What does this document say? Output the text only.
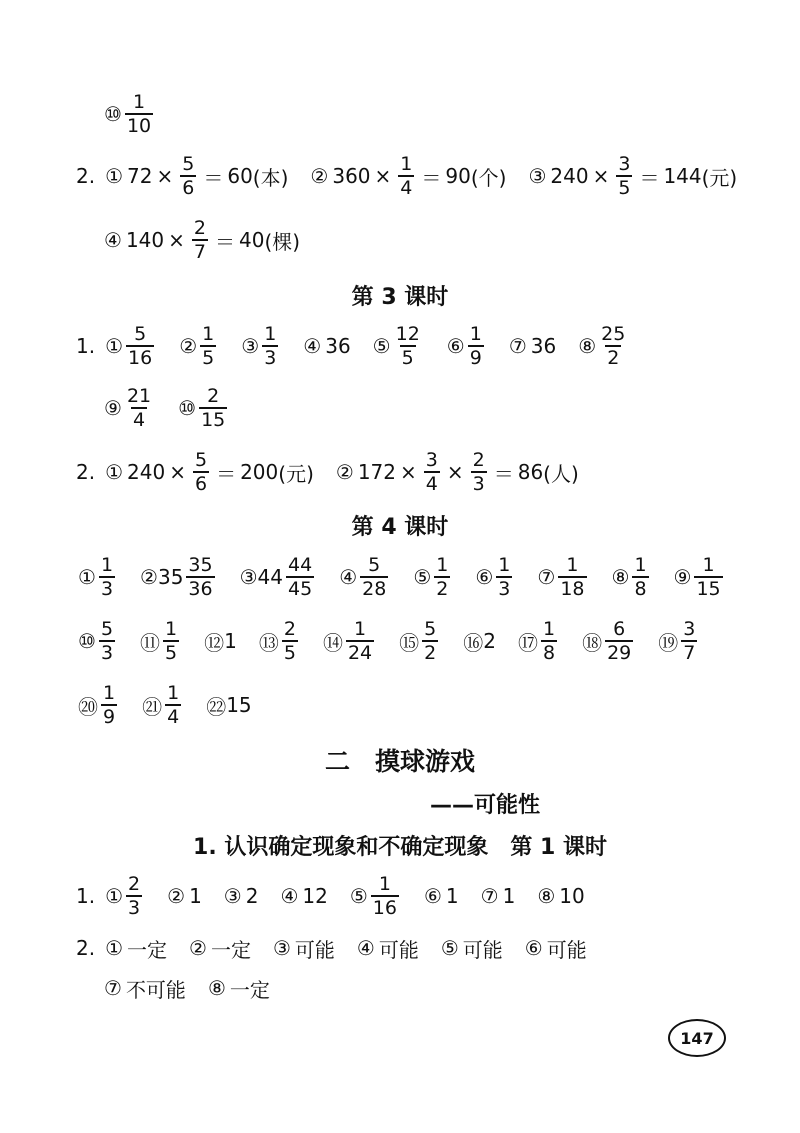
⑩ $\frac{1}{10}$
2. ① $72 \times \frac{5}{6} = 60$ (本) ② $360 \times \frac{1}{4} = 90$ (个) ③ $240 \times \frac{3}{5} = 144$ (元)
④ $140 \times \frac{2}{7} = 40$ (棵)
第 3 课时
1. ① $\frac{5}{16}$ ② $\frac{1}{5}$ ③ $\frac{1}{3}$ ④ 36 ⑤ $\frac{12}{5}$ ⑥ $\frac{1}{9}$ ⑦ 36 ⑧ $\frac{25}{2}$
⑨ $\frac{21}{4}$ ⑩ $\frac{2}{15}$
2. ① $240 \times \frac{5}{6} = 200$ (元) ② $172 \times \frac{3}{4} \times \frac{2}{3} = 86$ (人)
第 4 课时
① $\frac{1}{3}$ ② $35 \frac{35}{36}$ ③ $44 \frac{44}{45}$ ④ $\frac{5}{28}$ ⑤ $\frac{1}{2}$ ⑥ $\frac{1}{3}$ ⑦ $\frac{1}{18}$ ⑧ $\frac{1}{8}$ ⑨ $\frac{1}{15}$
⑩ $\frac{5}{3}$ ⑪ $\frac{1}{5}$ ⑫ 1 ⑬ $\frac{2}{5}$ ⑭ $\frac{1}{24}$ ⑮ $\frac{5}{2}$ ⑯ 2 ⑰ $\frac{1}{8}$ ⑱ $\frac{6}{29}$ ⑲ $\frac{3}{7}$
⑳ $\frac{1}{9}$ ㉑ $\frac{1}{4}$ ㉒ 15
二　摸球游戏
——可能性
1. 认识确定现象和不确定现象　第 1 课时
1. ① $\frac{2}{3}$ ② 1 ③ 2 ④ 12 ⑤ $\frac{1}{16}$ ⑥ 1 ⑦ 1 ⑧ 10
2. ① 一定 ② 一定 ③ 可能 ④ 可能 ⑤ 可能 ⑥ 可能
⑦ 不可能 ⑧ 一定
147
